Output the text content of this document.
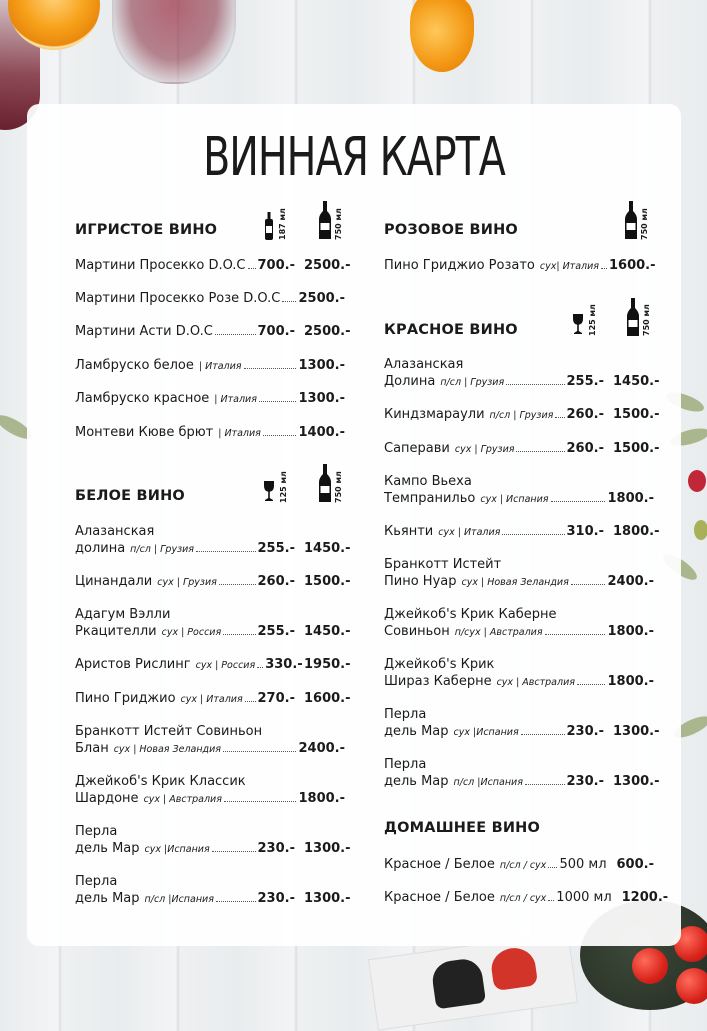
ВИННАЯ КАРТА
ИГРИСТОЕ ВИНО	187 мл	750 мл
Мартини Просекко D.O.C 700.- 2500.-
Мартини Просекко Розе D.O.C 2500.-
Мартини Асти D.O.C	700.- 2500.-
Ламбруско белое | Италия	1300.-
Ламбруско красное | Италия	1300.-
Монтеви Кюве брют | Италия	1400.-
БЕЛОЕ ВИНО	125 мл	750 мл
Алазанская
долина п/сл | Грузия	255.- 1450.-
Цинандали сух | Грузия	260.- 1500.-
Адагум Вэлли
Ркацителли сух | Россия	255.- 1450.-
Аристов Рислинг сух | Россия 330.- 1950.-
Пино Гриджио сух | Италия 270.- 1600.-
Бранкотт Истейт Совиньон
Блан сух | Новая Зеландия	2400.-
Джейкоб's Крик Классик
Шардоне сух | Австралия	1800.-
Перла
дель Мар сух |Испания	230.- 1300.-
Перла
дель Мар п/сл |Испания	230.- 1300.-
РОЗОВОЕ ВИНО	750 мл
Пино Гриджио Розато сух| Италия 1600.-
КРАСНОЕ ВИНО	125 мл	750 мл
Алазанская
Долина п/сл | Грузия	255.- 1450.-
Киндзмараули п/сл | Грузия 260.- 1500.-
Саперави сух | Грузия	260.- 1500.-
Кампо Вьеха
Темпранильо сух | Испания	1800.-
Кьянти сух | Италия	310.- 1800.-
Бранкотт Истейт
Пино Нуар сух | Новая Зеландия	2400.-
Джейкоб's Крик Каберне
Совиньон п/сух | Австралия	1800.-
Джейкоб's Крик
Шираз Каберне сух | Австралия	1800.-
Перла
дель Мар сух |Испания	230.- 1300.-
Перла
дель Мар п/сл |Испания	230.- 1300.-
ДОМАШНЕЕ ВИНО
Красное / Белое п/сл / сух 500 мл 600.-
Красное / Белое п/сл / сух 1000 мл 1200.-
